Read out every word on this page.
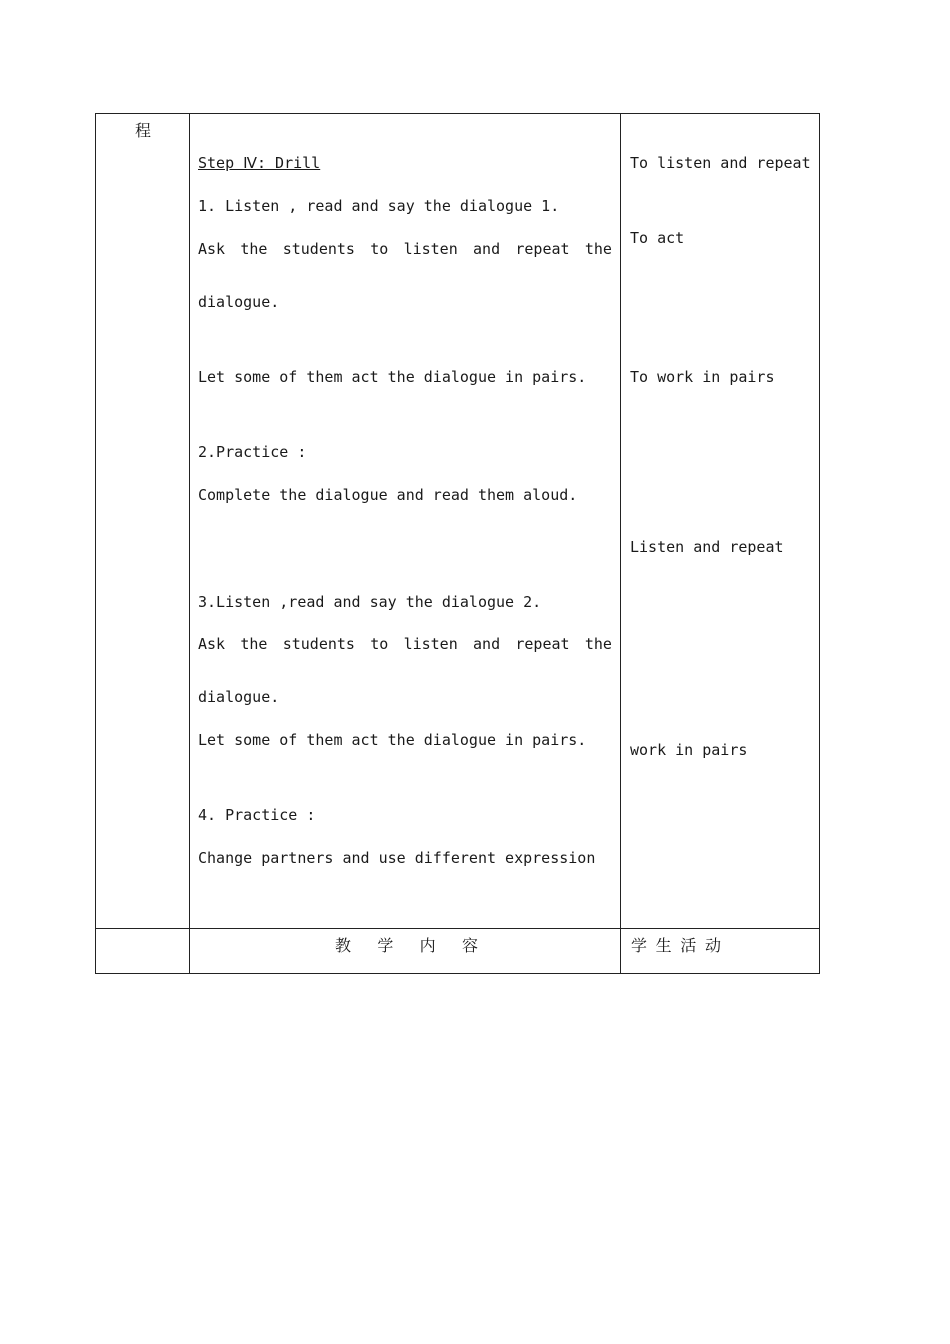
程
Step Ⅳ: Drill
1. Listen , read and say the dialogue 1.
Ask the students to listen and repeat the
dialogue.
Let some of them act the dialogue in pairs.
2.Practice :
Complete the dialogue and read them aloud.
3.Listen ,read and say the dialogue 2.
Ask the students to listen and repeat the
dialogue.
Let some of them act the dialogue in pairs.
4. Practice :
Change partners and use different expression
To listen and repeat
To act
To work in pairs
Listen and repeat
work in pairs
教 学 内 容	学 生 活 动
